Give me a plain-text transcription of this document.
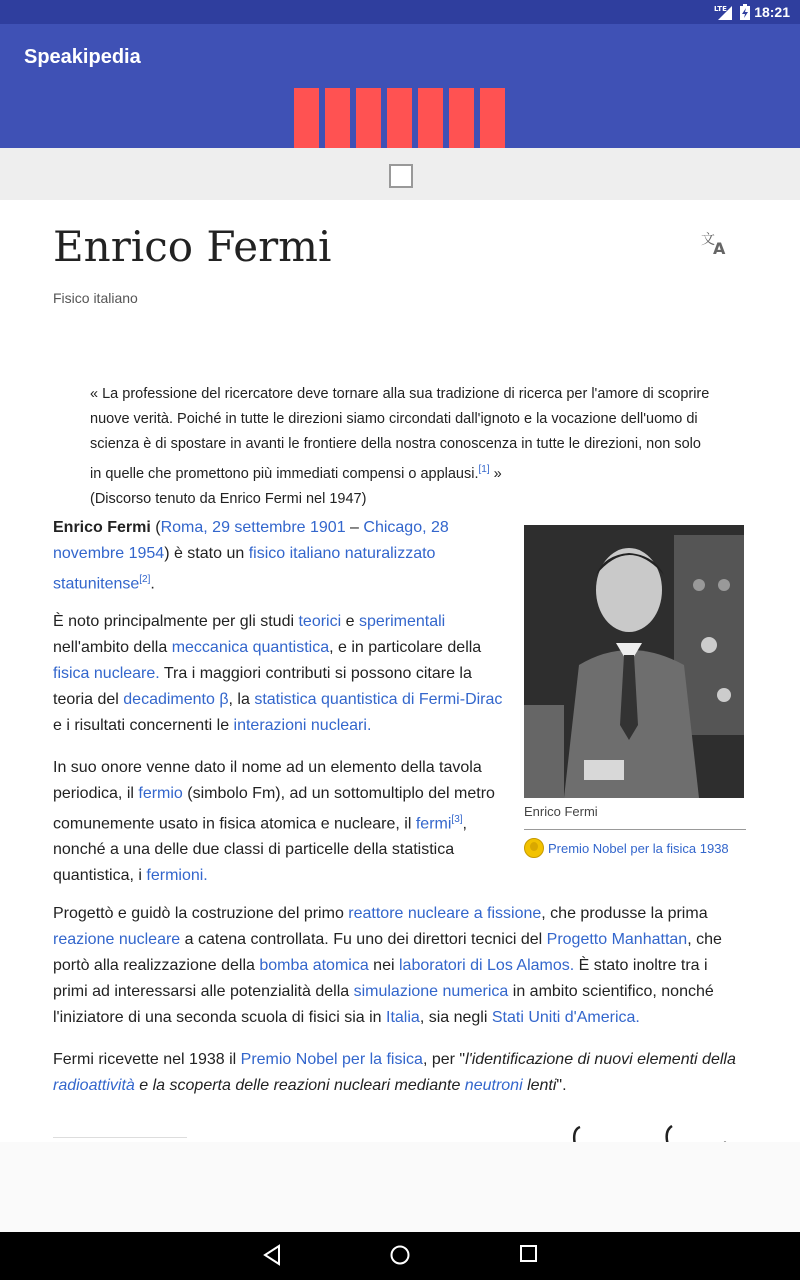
LTE 18:21
Speakipedia
Enrico Fermi	文
A
Fisico italiano
« La professione del ricercatore deve tornare alla sua tradizione di ricerca per l'amore di scoprire nuove verità. Poiché in tutte le direzioni siamo circondati dall'ignoto e la vocazione dell'uomo di scienza è di spostare in avanti le frontiere della nostra conoscenza in tutte le direzioni, non solo in quelle che promettono più immediati compensi o applausi.[1] »
(Discorso tenuto da Enrico Fermi nel 1947)
Enrico Fermi (Roma, 29 settembre 1901 – Chicago, 28 novembre 1954) è stato un fisico italiano naturalizzato statunitense[2].
È noto principalmente per gli studi teorici e sperimentali nell'ambito della meccanica quantistica, e in particolare della fisica nucleare. Tra i maggiori contributi si possono citare la teoria del decadimento β, la statistica quantistica di Fermi-Dirac e i risultati concernenti le interazioni nucleari.
In suo onore venne dato il nome ad un elemento della tavola periodica, il fermio (simbolo Fm), ad un sottomultiplo del metro comunemente usato in fisica atomica e nucleare, il fermi[3], nonché a una delle due classi di particelle della statistica quantistica, i fermioni.
Progettò e guidò la costruzione del primo reattore nucleare a fissione, che produsse la prima reazione nucleare a catena controllata. Fu uno dei direttori tecnici del Progetto Manhattan, che portò alla realizzazione della bomba atomica nei laboratori di Los Alamos. È stato inoltre tra i primi ad interessarsi alle potenzialità della simulazione numerica in ambito scientifico, nonché l'iniziatore di una seconda scuola di fisici sia in Italia, sia negli Stati Uniti d'America.
Fermi ricevette nel 1938 il Premio Nobel per la fisica, per "l'identificazione di nuovi elementi della radioattività e la scoperta delle reazioni nucleari mediante neutroni lenti".
Enrico Fermi
Premio Nobel per la fisica 1938
